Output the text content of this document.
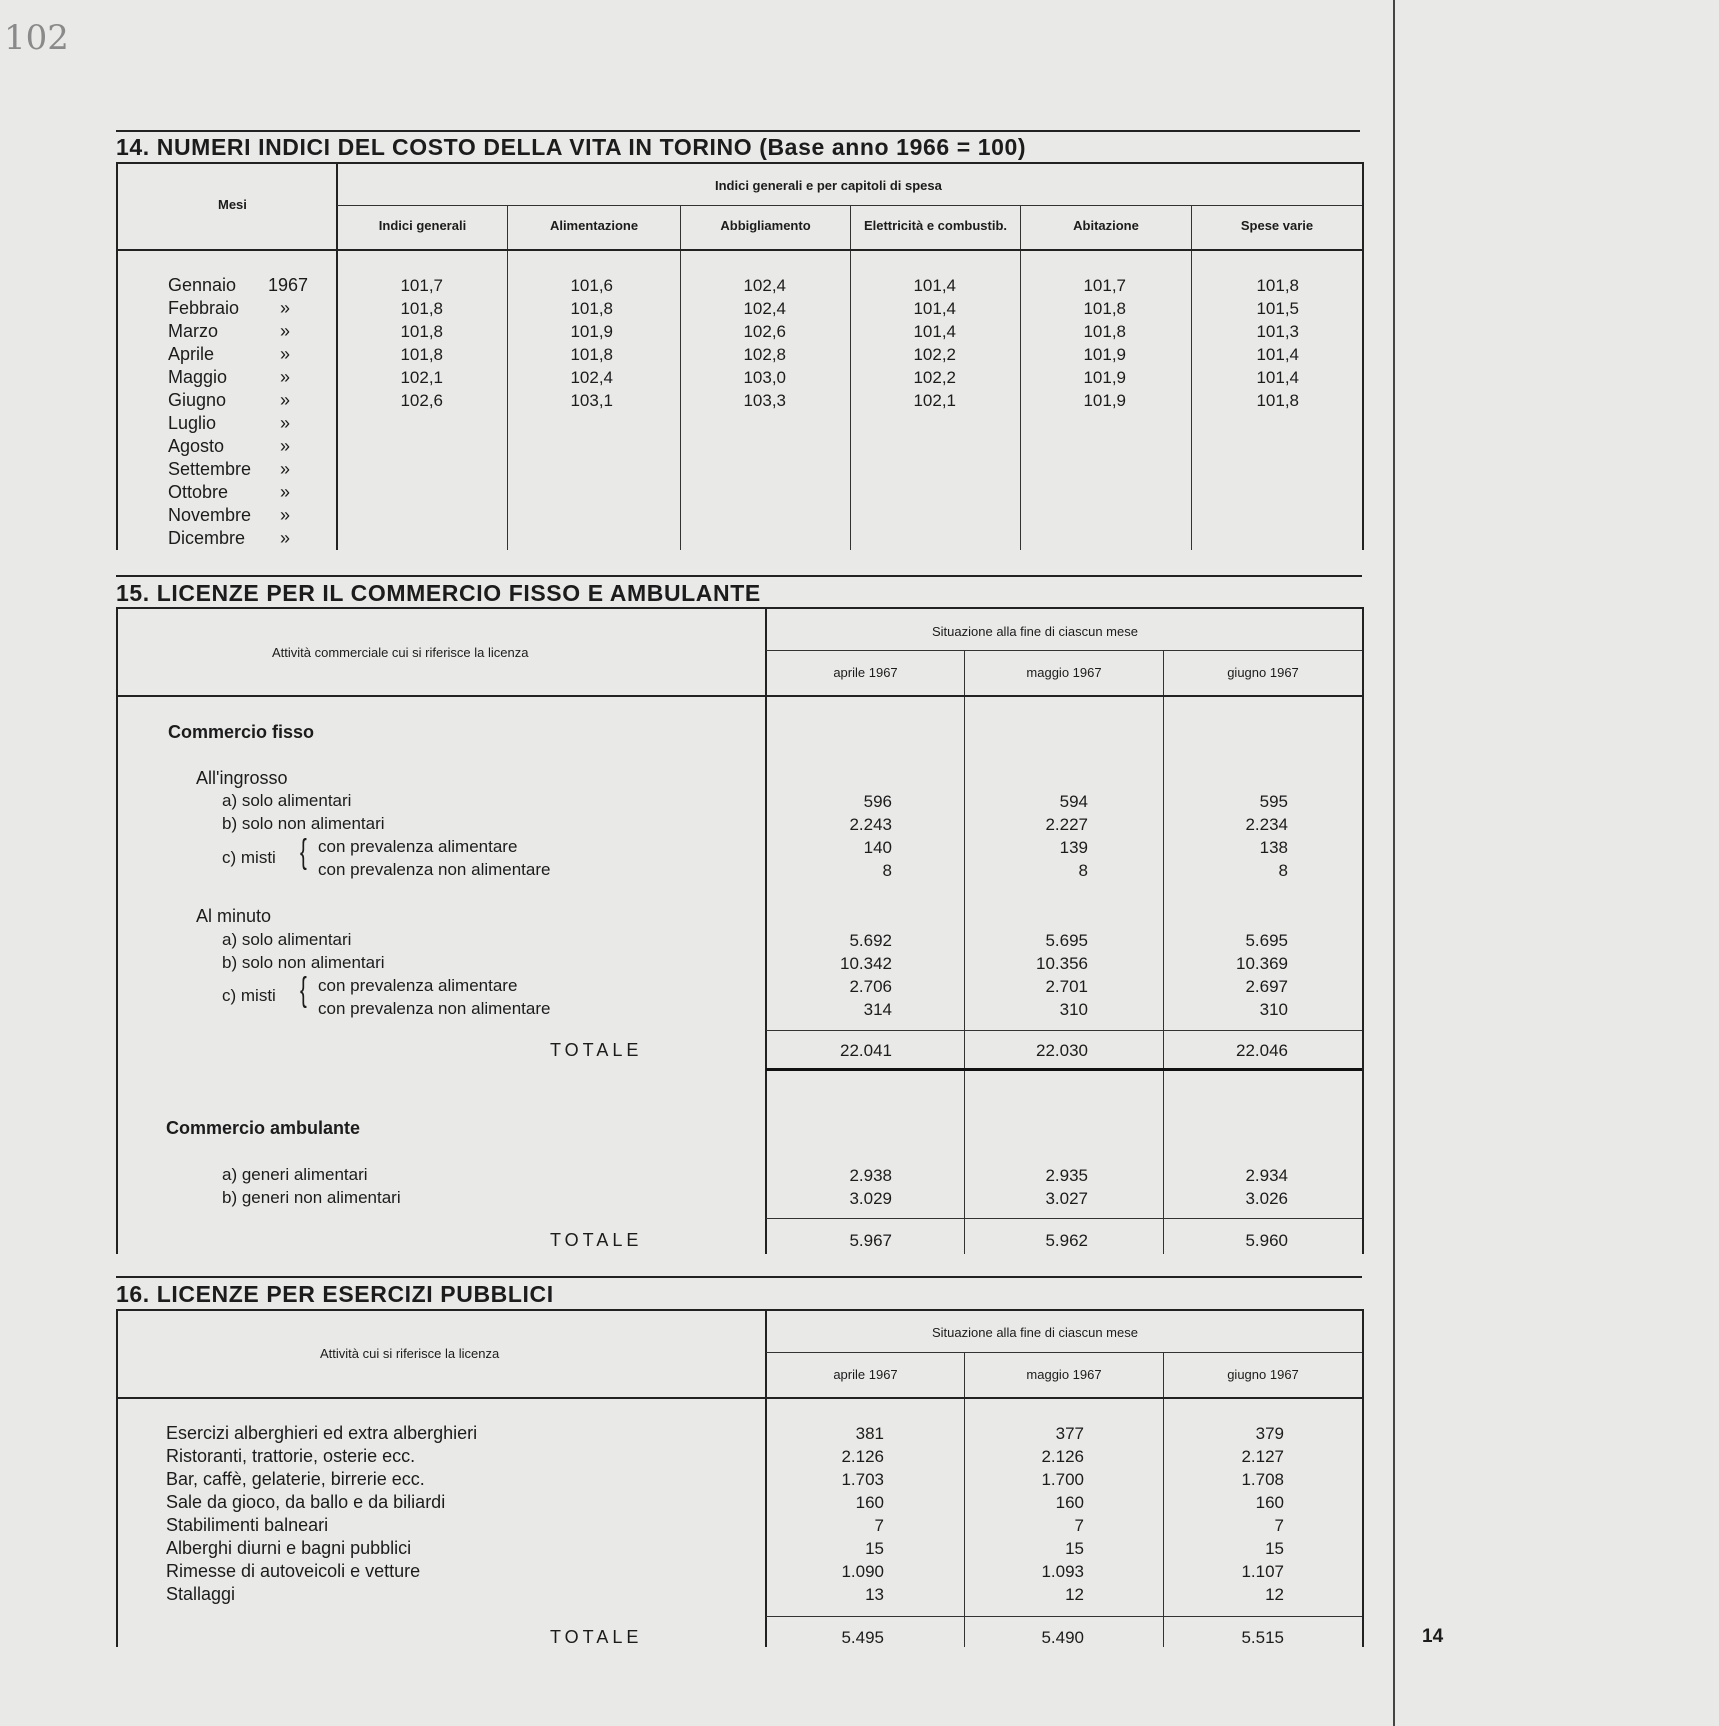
102
14
14. NUMERI INDICI DEL COSTO DELLA VITA IN TORINO (Base anno 1966 = 100)
Mesi
Indici generali e per capitoli di spesa
Indici generali	Alimentazione	Abbigliamento	Elettricità e combustib.	Abitazione	Spese varie
Gennaio 1967	101,7	101,6	102,4	101,4	101,7	101,8
Febbraio »	101,8	101,8	102,4	101,4	101,8	101,5
Marzo	»	101,8	101,9	102,6	101,4	101,8	101,3
Aprile	»	101,8	101,8	102,8	102,2	101,9	101,4
Maggio	»	102,1	102,4	103,0	102,2	101,9	101,4
Giugno	»	102,6	103,1	103,3	102,1	101,9	101,8
Luglio	»
Agosto	»
Settembre »
Ottobre	»
Novembre »
Dicembre »
15. LICENZE PER IL COMMERCIO FISSO E AMBULANTE
Attività commerciale cui si riferisce la licenza
Situazione alla fine di ciascun mese
aprile 1967	maggio 1967	giugno 1967
Commercio fisso
All'ingrosso
a) solo alimentari	596	594	595
b) solo non alimentari	2.243	2.227	2.234
c) misti { con prevalenza alimentare	140	139	138
con prevalenza non alimentare	8	8	8
Al minuto
a) solo alimentari	5.692	5.695	5.695
b) solo non alimentari	10.342	10.356	10.369
c) misti { con prevalenza alimentare	2.706	2.701	2.697
con prevalenza non alimentare	314	310	310
TOTALE	22.041	22.030	22.046
Commercio ambulante
a) generi alimentari	2.938	2.935	2.934
b) generi non alimentari	3.029	3.027	3.026
TOTALE	5.967	5.962	5.960
16. LICENZE PER ESERCIZI PUBBLICI
Attività cui si riferisce la licenza
Situazione alla fine di ciascun mese
aprile 1967	maggio 1967	giugno 1967
Esercizi alberghieri ed extra alberghieri	381	377	379
Ristoranti, trattorie, osterie ecc.	2.126	2.126	2.127
Bar, caffè, gelaterie, birrerie ecc.	1.703	1.700	1.708
Sale da gioco, da ballo e da biliardi	160	160	160
Stabilimenti balneari	7	7	7
Alberghi diurni e bagni pubblici	15	15	15
Rimesse di autoveicoli e vetture	1.090	1.093	1.107
Stallaggi	13	12	12
TOTALE	5.495	5.490	5.515
